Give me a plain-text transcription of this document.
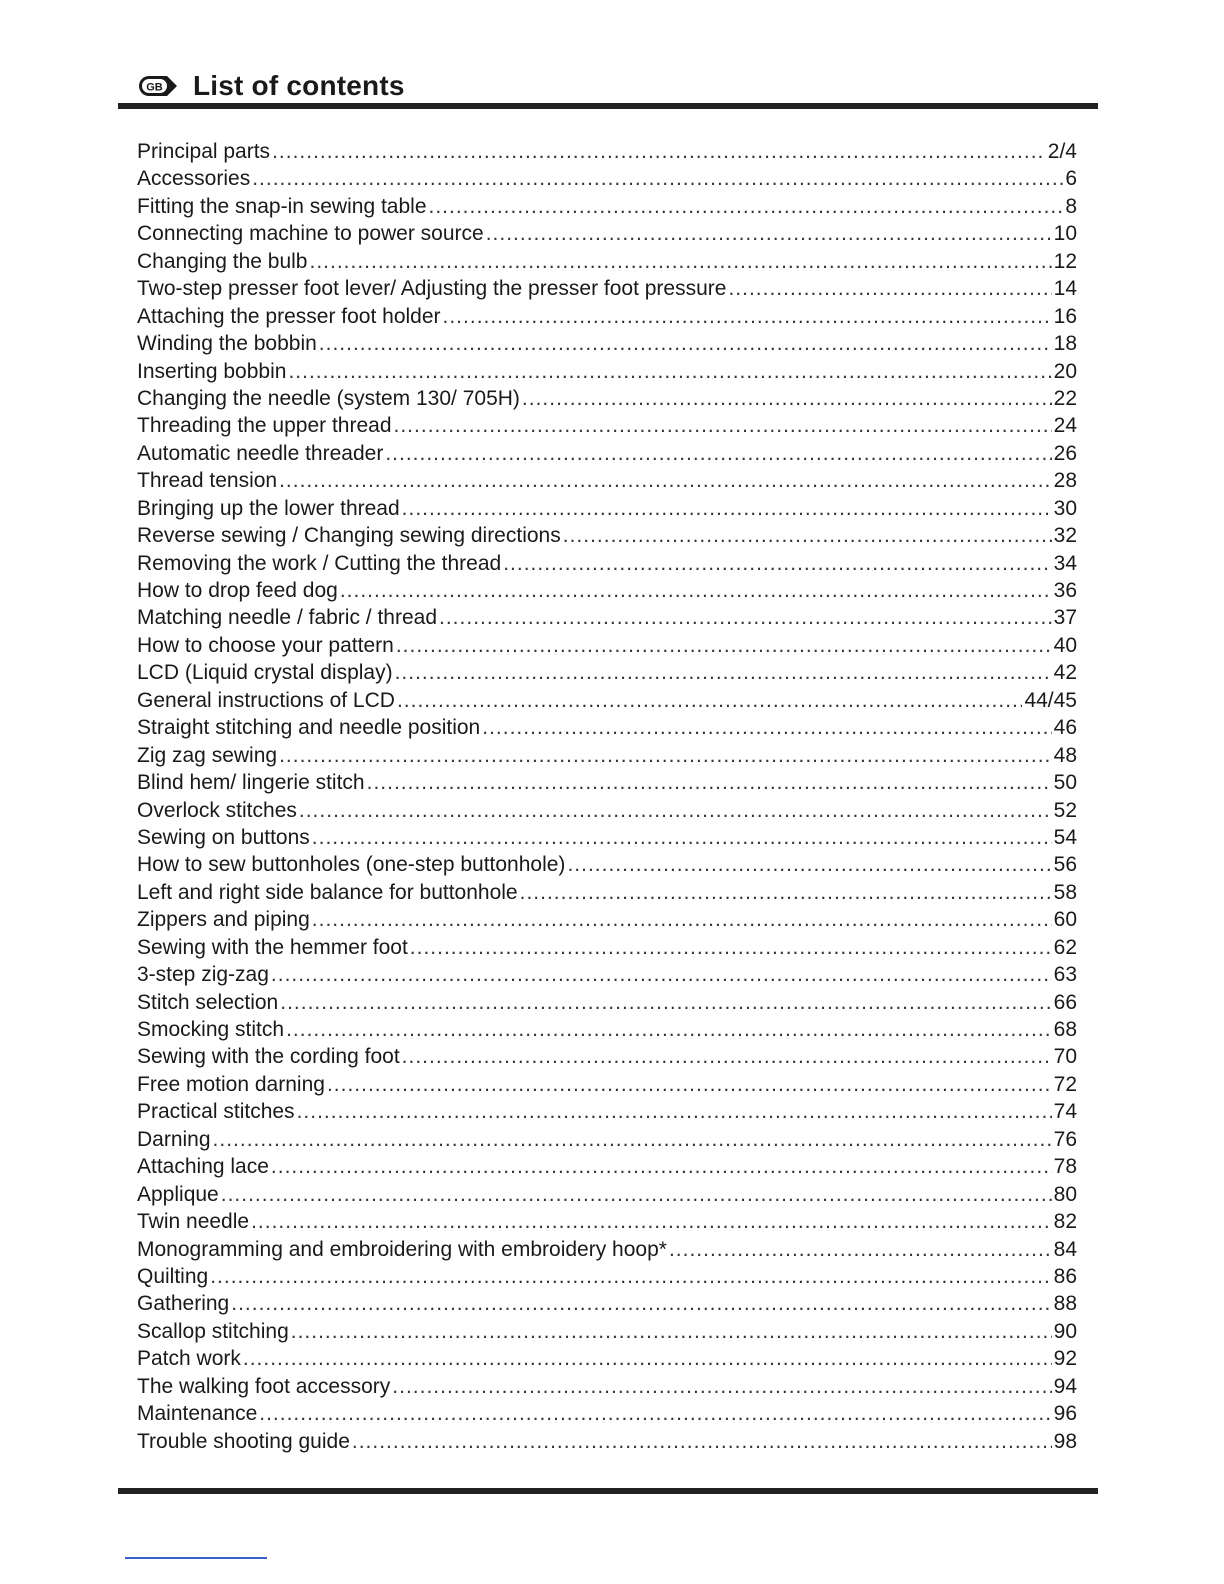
GB List of contents
Principal parts .....	2/4
Accessories .....	6
Fitting the snap-in sewing table .....	8
Connecting machine to power source .....	10
Changing the bulb .....	12
Two-step presser foot lever/ Adjusting the presser foot pressure .....	14
Attaching the presser foot holder .....	16
Winding the bobbin .....	18
Inserting bobbin .....	20
Changing the needle (system 130/ 705H) .....	22
Threading the upper thread .....	24
Automatic needle threader .....	26
Thread tension .....	28
Bringing up the lower thread .....	30
Reverse sewing / Changing sewing directions .....	32
Removing the work / Cutting the thread .....	34
How to drop feed dog .....	36
Matching needle / fabric / thread .....	37
How to choose your pattern .....	40
LCD (Liquid crystal display) .....	42
General instructions of LCD .....	44/45
Straight stitching and needle position .....	46
Zig zag sewing .....	48
Blind hem/ lingerie stitch .....	50
Overlock stitches .....	52
Sewing on buttons .....	54
How to sew buttonholes (one-step buttonhole) .....	56
Left and right side balance for buttonhole .....	58
Zippers and piping .....	60
Sewing with the hemmer foot .....	62
3-step zig-zag .....	63
Stitch selection .....	66
Smocking stitch .....	68
Sewing with the cording foot .....	70
Free motion darning .....	72
Practical stitches .....	74
Darning .....	76
Attaching lace .....	78
Applique .....	80
Twin needle .....	82
Monogramming and embroidering with embroidery hoop* .....	84
Quilting .....	86
Gathering .....	88
Scallop stitching .....	90
Patch work .....	92
The walking foot accessory .....	94
Maintenance .....	96
Trouble shooting guide .....	98
